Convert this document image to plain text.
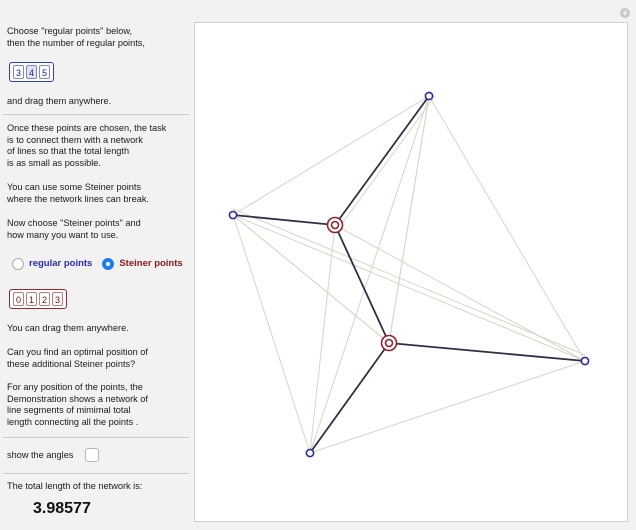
Choose "regular points" below,
then the number of regular points,
3 4 5
and drag them anywhere.
Once these points are chosen, the task
is to connect them with a network
of lines so that the total length
is as small as possible.
You can use some Steiner points
where the network lines can break.
Now choose "Steiner points" and
how many you want to use.
regular points	Steiner points
0 1 2 3
You can drag them anywhere.
Can you find an optimal position of
these additional Steiner points?
For any position of the points, the
Demonstration shows a network of
line segments of mimimal total
length connecting all the points .
show the angles
The total length of the network is:
3.98577
+
